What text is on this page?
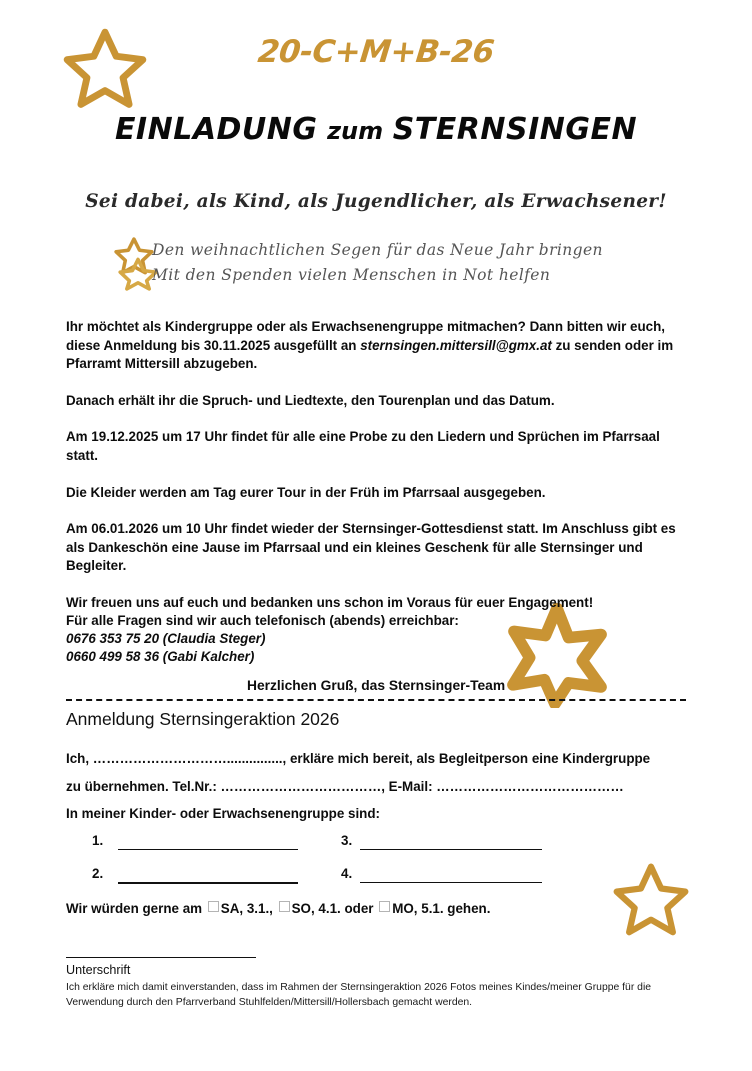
20-C+M+B-26
EINLADUNG zum STERNSINGEN
Sei dabei, als Kind, als Jugendlicher, als Erwachsener!
Den weihnachtlichen Segen für das Neue Jahr bringen
Mit den Spenden vielen Menschen in Not helfen

Ihr möchtet als Kindergruppe oder als Erwachsenengruppe mitmachen? Dann bitten wir euch, diese Anmeldung bis 30.11.2025 ausgefüllt an sternsingen.mittersill@gmx.at zu senden oder im Pfarramt Mittersill abzugeben.

Danach erhält ihr die Spruch- und Liedtexte, den Tourenplan und das Datum.

Am 19.12.2025 um 17 Uhr findet für alle eine Probe zu den Liedern und Sprüchen im Pfarrsaal statt.

Die Kleider werden am Tag eurer Tour in der Früh im Pfarrsaal ausgegeben.

Am 06.01.2026 um 10 Uhr findet wieder der Sternsinger-Gottesdienst statt. Im Anschluss gibt es als Dankeschön eine Jause im Pfarrsaal und ein kleines Geschenk für alle Sternsinger und Begleiter.

Wir freuen uns auf euch und bedanken uns schon im Voraus für euer Engagement!

Für alle Fragen sind wir auch telefonisch (abends) erreichbar:
0676 353 75 20 (Claudia Steger)
0660 499 58 36 (Gabi Kalcher)
Herzlichen Gruß, das Sternsinger-Team
Anmeldung Sternsingeraktion 2026
Ich, …………………………..............., erkläre mich bereit, als Begleitperson eine Kindergruppe
zu übernehmen. Tel.Nr.: ………………………………, E-Mail: ……………………………………
In meiner Kinder- oder Erwachsenengruppe sind:
1.
2.
3.
4.
Wir würden gerne am SA, 3.1., SO, 4.1. oder MO, 5.1. gehen.
Unterschrift
Ich erkläre mich damit einverstanden, dass im Rahmen der Sternsingeraktion 2026 Fotos meines Kindes/meiner Gruppe für die Verwendung durch den Pfarrverband Stuhlfelden/Mittersill/Hollersbach gemacht werden.
